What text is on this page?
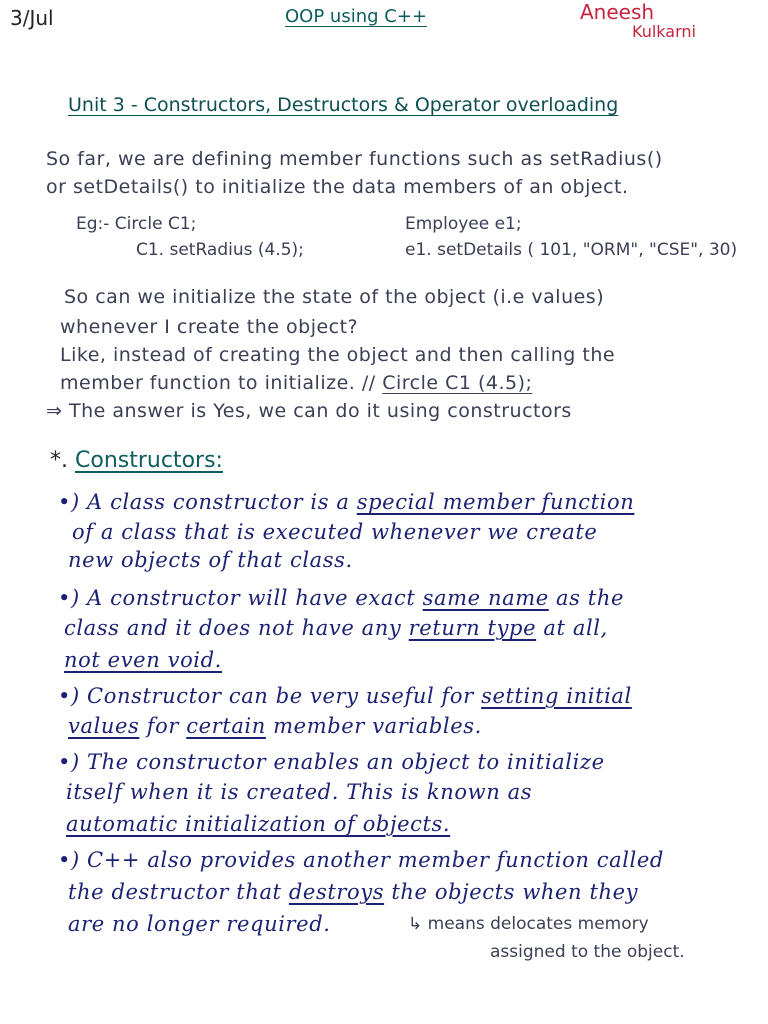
3/Jul	OOP using C++	Aneesh
Kulkarni
Unit 3 - Constructors, Destructors & Operator overloading
So far, we are defining member functions such as setRadius()
or setDetails() to initialize the data members of an object.
Eg:- Circle C1;
C1. setRadius (4.5);
Employee e1;
e1. setDetails ( 101, "ORM", "CSE", 30)
So can we initialize the state of the object (i.e values)
whenever I create the object?
Like, instead of creating the object and then calling the
member function to initialize. // Circle C1 (4.5);
⇒ The answer is Yes, we can do it using constructors
*. Constructors:
•) A class constructor is a special member function
of a class that is executed whenever we create
new objects of that class.
•) A constructor will have exact same name as the
class and it does not have any return type at all,
not even void.
•) Constructor can be very useful for setting initial
values for certain member variables.
•) The constructor enables an object to initialize
itself when it is created. This is known as
automatic initialization of objects.
•) C++ also provides another member function called
the destructor that destroys the objects when they
are no longer required.	↳ means delocates memory
assigned to the object.
